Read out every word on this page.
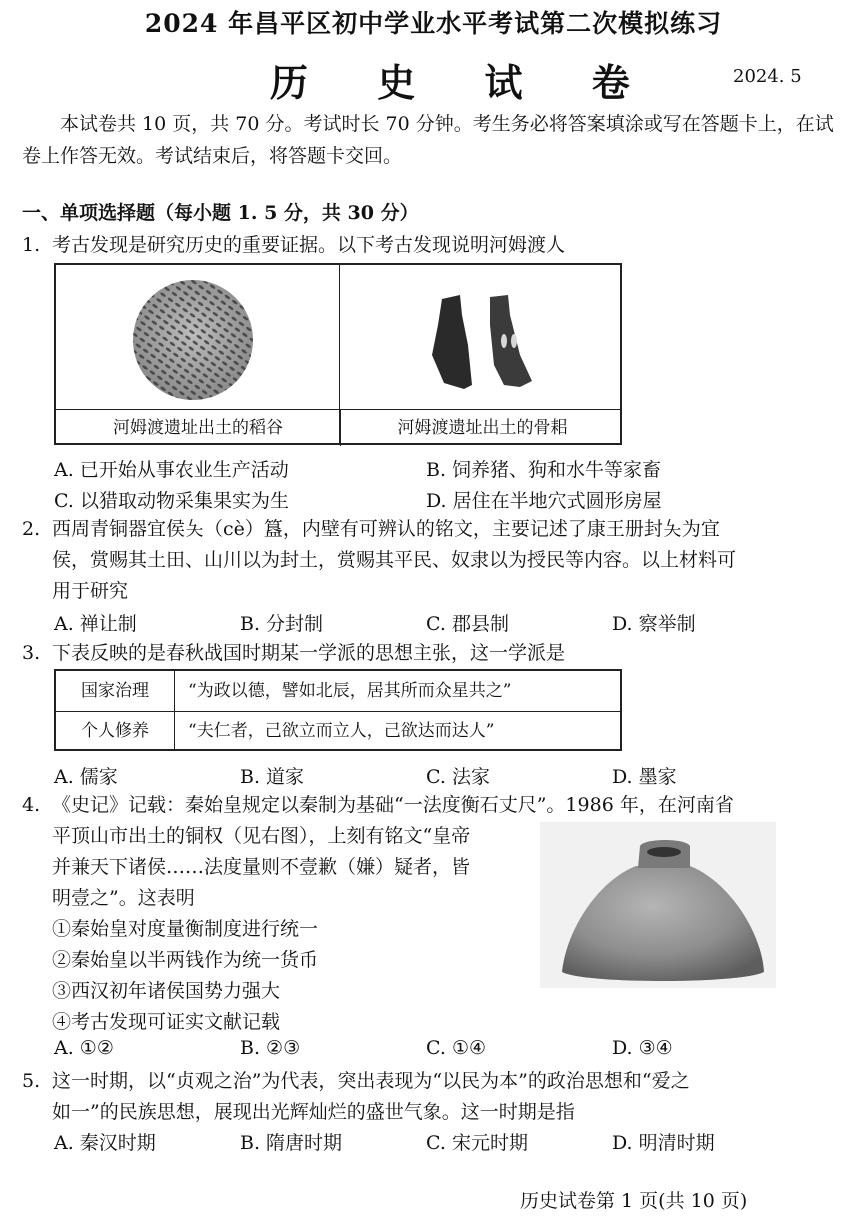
2024 年昌平区初中学业水平考试第二次模拟练习
历 史 试 卷	2024. 5
本试卷共 10 页，共 70 分。考试时长 70 分钟。考生务必将答案填涂或写在答题卡上，在试卷上作答无效。考试结束后，将答题卡交回。
一、单项选择题（每小题 1. 5 分，共 30 分）
1. 考古发现是研究历史的重要证据。以下考古发现说明河姆渡人
河姆渡遗址出土的稻谷	河姆渡遗址出土的骨耜
A. 已开始从事农业生产活动	B. 饲养猪、狗和水牛等家畜
C. 以猎取动物采集果实为生	D. 居住在半地穴式圆形房屋
2. 西周青铜器宜侯夨（cè）簋，内壁有可辨认的铭文，主要记述了康王册封夨为宜
侯，赏赐其土田、山川以为封土，赏赐其平民、奴隶以为授民等内容。以上材料可
用于研究
A. 禅让制	B. 分封制	C. 郡县制	D. 察举制
3. 下表反映的是春秋战国时期某一学派的思想主张，这一学派是
国家治理	“为政以德，譬如北辰，居其所而众星共之”
个人修养	“夫仁者，己欲立而立人，己欲达而达人”
A. 儒家	B. 道家	C. 法家	D. 墨家
4. 《史记》记载：秦始皇规定以秦制为基础“一法度衡石丈尺”。1986 年，在河南省
平顶山市出土的铜权（见右图），上刻有铭文“皇帝
并兼天下诸侯……法度量则不壹歉（嫌）疑者，皆
明壹之”。这表明
①秦始皇对度量衡制度进行统一
②秦始皇以半两钱作为统一货币
③西汉初年诸侯国势力强大
④考古发现可证实文献记载
A. ①②	B. ②③	C. ①④	D. ③④
5. 这一时期，以“贞观之治”为代表，突出表现为“以民为本”的政治思想和“爱之
如一”的民族思想，展现出光辉灿烂的盛世气象。这一时期是指
A. 秦汉时期	B. 隋唐时期	C. 宋元时期	D. 明清时期
历史试卷第 1 页(共 10 页)
